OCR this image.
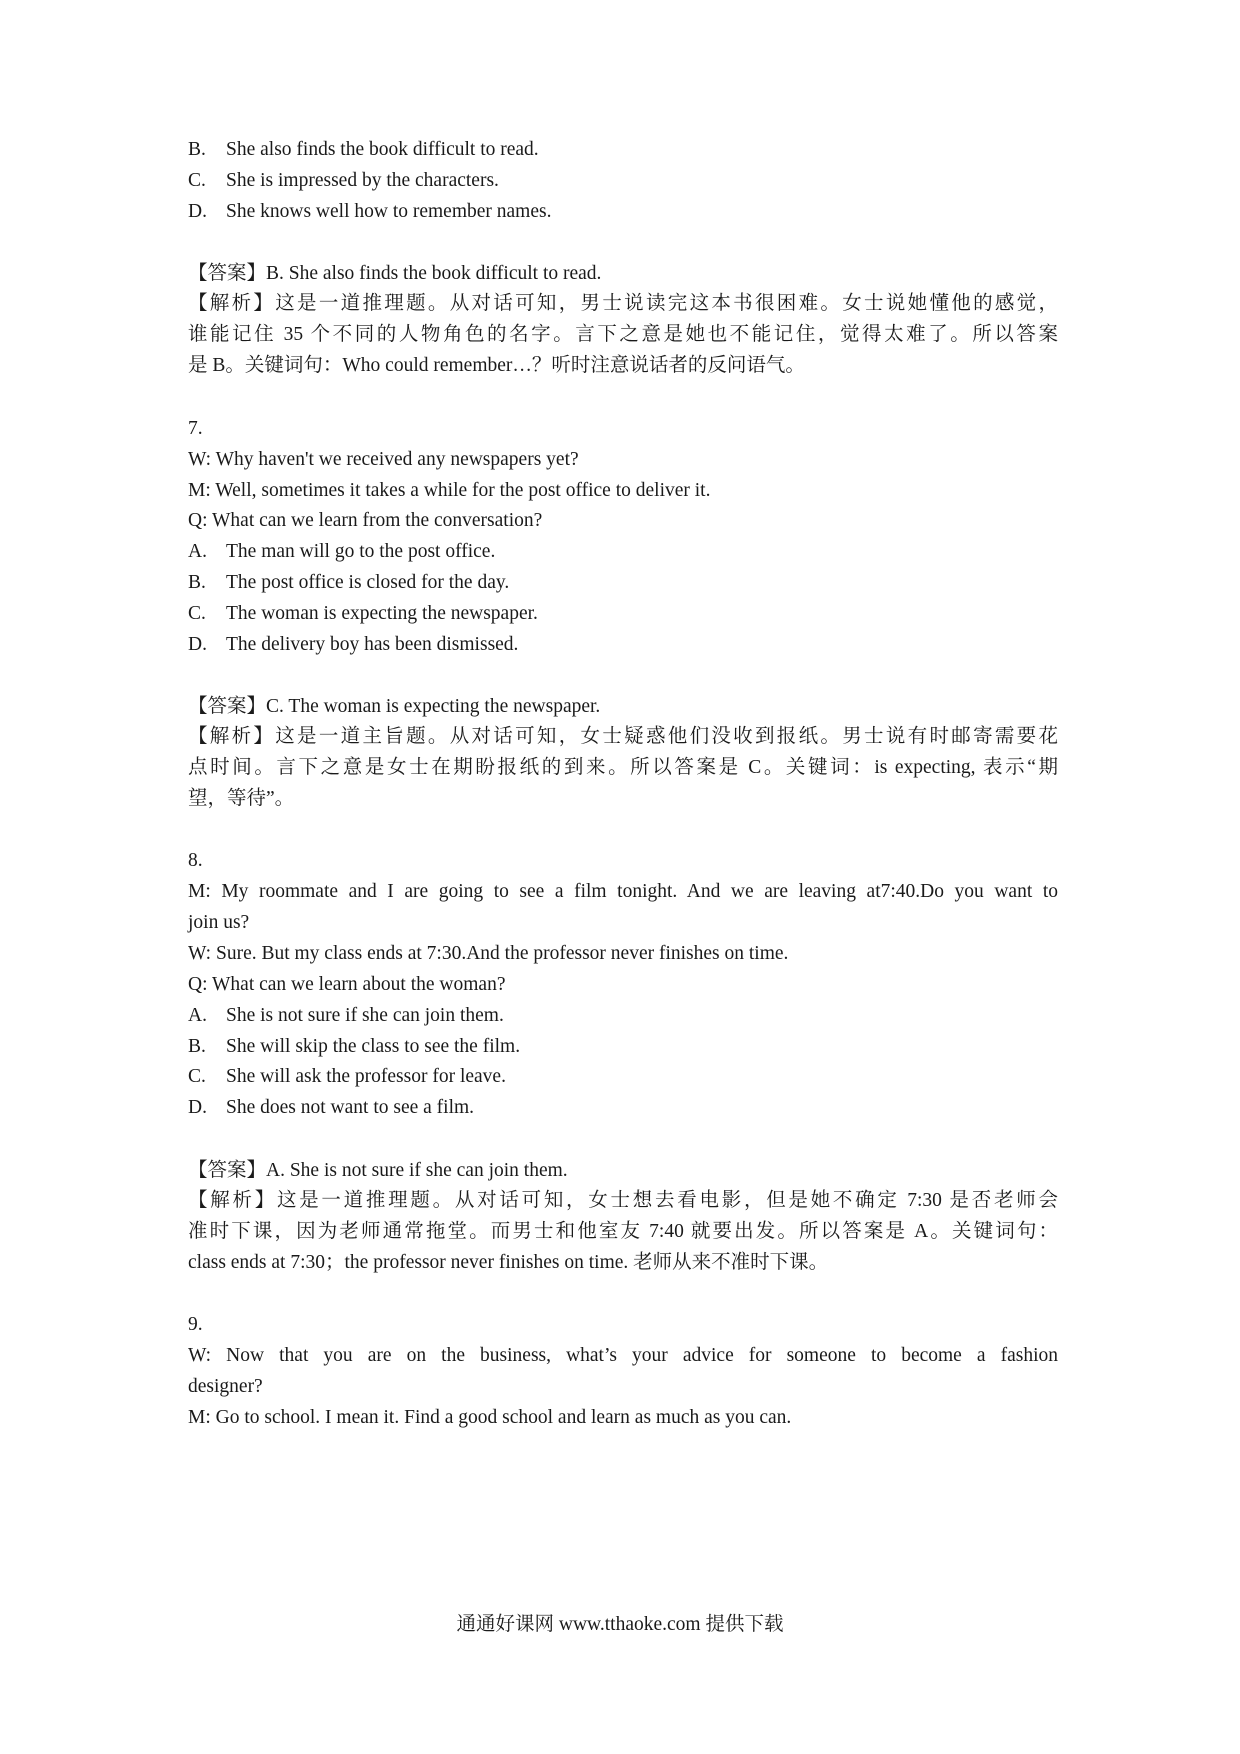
B. She also finds the book difficult to read.
C. She is impressed by the characters.
D. She knows well how to remember names.
【答案】B. She also finds the book difficult to read.
【解析】这是一道推理题。从对话可知，男士说读完这本书很困难。女士说她懂他的感觉，
谁能记住 35 个不同的人物角色的名字。言下之意是她也不能记住，觉得太难了。所以答案
是 B。关键词句：Who could remember…？听时注意说话者的反问语气。
7.
W: Why haven't we received any newspapers yet?
M: Well, sometimes it takes a while for the post office to deliver it.
Q: What can we learn from the conversation?
A. The man will go to the post office.
B. The post office is closed for the day.
C. The woman is expecting the newspaper.
D. The delivery boy has been dismissed.
【答案】C. The woman is expecting the newspaper.
【解析】这是一道主旨题。从对话可知，女士疑惑他们没收到报纸。男士说有时邮寄需要花
点时间。言下之意是女士在期盼报纸的到来。所以答案是 C。关键词：is expecting, 表示“期
望，等待”。
8.
M: My roommate and I are going to see a film tonight. And we are leaving at7:40.Do you want to
join us?
W: Sure. But my class ends at 7:30.And the professor never finishes on time.
Q: What can we learn about the woman?
A. She is not sure if she can join them.
B. She will skip the class to see the film.
C. She will ask the professor for leave.
D. She does not want to see a film.
【答案】A. She is not sure if she can join them.
【解析】这是一道推理题。从对话可知，女士想去看电影，但是她不确定 7:30 是否老师会
准时下课，因为老师通常拖堂。而男士和他室友 7:40 就要出发。所以答案是 A。关键词句：
class ends at 7:30；the professor never finishes on time. 老师从来不准时下课。
9.
W: Now that you are on the business, what’s your advice for someone to become a fashion
designer?
M: Go to school. I mean it. Find a good school and learn as much as you can.
通通好课网 www.tthaoke.com 提供下载
